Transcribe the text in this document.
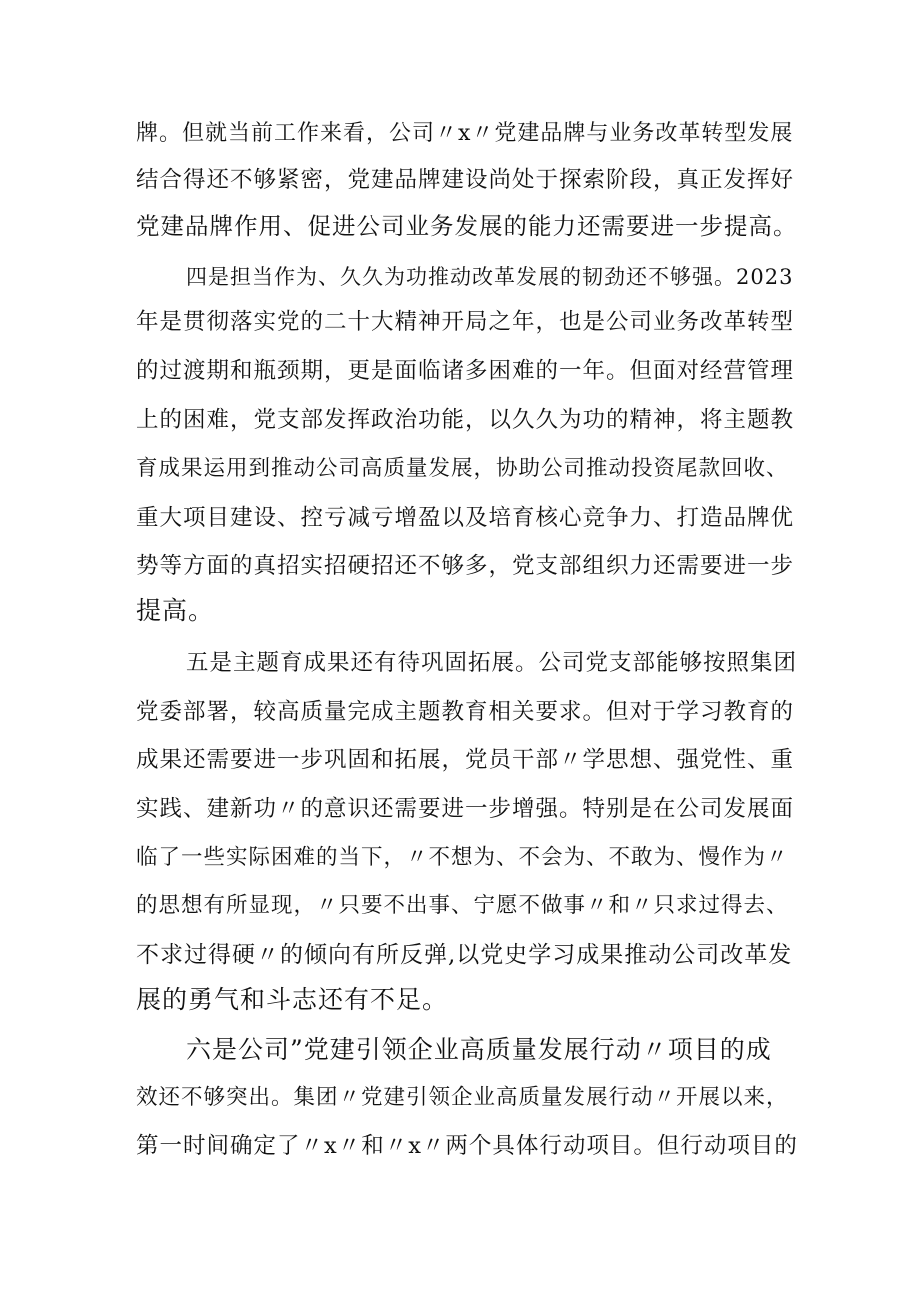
牌。但就当前工作来看，公司〃x〃党建品牌与业务改革转型发展
结合得还不够紧密，党建品牌建设尚处于探索阶段，真正发挥好
党建品牌作用、促进公司业务发展的能力还需要进一步提高。
四是担当作为、久久为功推动改革发展的韧劲还不够强。2023
年是贯彻落实党的二十大精神开局之年，也是公司业务改革转型
的过渡期和瓶颈期，更是面临诸多困难的一年。但面对经营管理
上的困难，党支部发挥政治功能，以久久为功的精神，将主题教
育成果运用到推动公司高质量发展，协助公司推动投资尾款回收、
重大项目建设、控亏减亏增盈以及培育核心竞争力、打造品牌优
势等方面的真招实招硬招还不够多，党支部组织力还需要进一步
提高。
五是主题育成果还有待巩固拓展。公司党支部能够按照集团
党委部署，较高质量完成主题教育相关要求。但对于学习教育的
成果还需要进一步巩固和拓展，党员干部〃学思想、强党性、重
实践、建新功〃的意识还需要进一步增强。特别是在公司发展面
临了一些实际困难的当下，〃不想为、不会为、不敢为、慢作为〃
的思想有所显现，〃只要不出事、宁愿不做事〃和〃只求过得去、
不求过得硬〃的倾向有所反弹,以党史学习成果推动公司改革发
展的勇气和斗志还有不足。
六是公司”党建引领企业高质量发展行动〃项目的成
效还不够突出。集团〃党建引领企业高质量发展行动〃开展以来，
第一时间确定了〃x〃和〃x〃两个具体行动项目。但行动项目的
